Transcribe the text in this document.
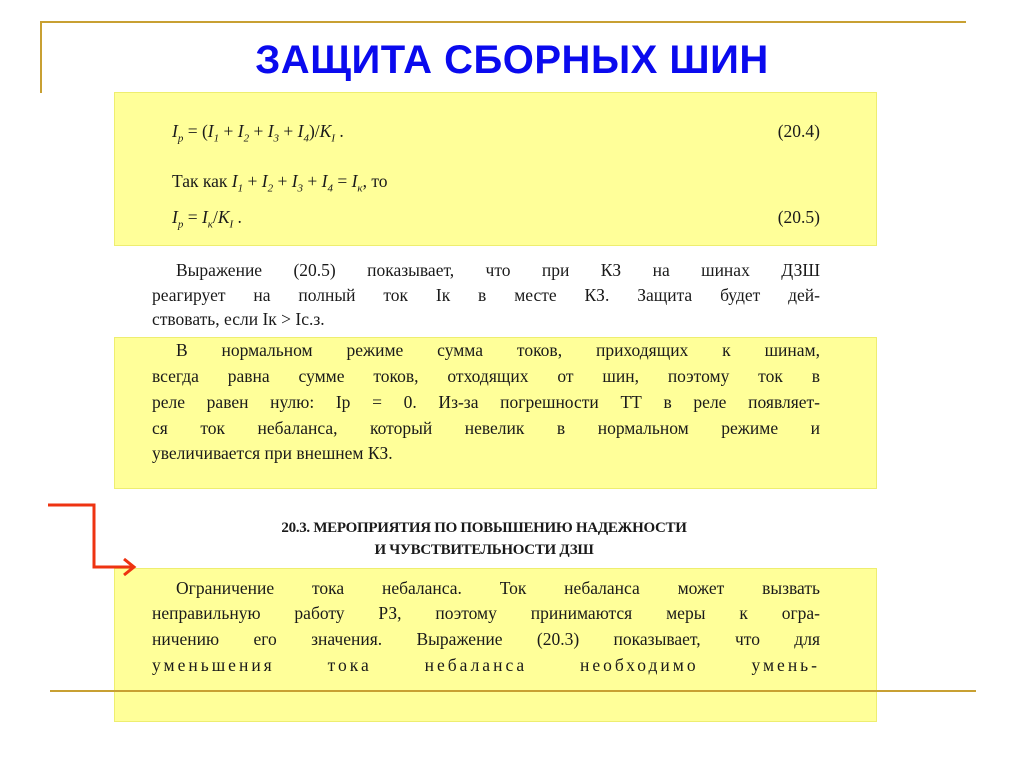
ЗАЩИТА СБОРНЫХ ШИН
$I_р = (I_1 + I_2 + I_3 + I_4)/K_I$ .	(20.4)
Так как $I_1 + I_2 + I_3 + I_4 = I_к$, то
$I_р = I_к/K_I$ .	(20.5)
Выражение (20.5) показывает, что при КЗ на шинах ДЗШ
реагирует на полный ток Iк в месте КЗ. Защита будет дей-
ствовать, если Iк > Iс.з.
В нормальном режиме сумма токов, приходящих к шинам,
всегда равна сумме токов, отходящих от шин, поэтому ток в
реле равен нулю: Iр = 0. Из-за погрешности ТТ в реле появляет-
ся ток небаланса, который невелик в нормальном режиме и
увеличивается при внешнем КЗ.
20.3. МЕРОПРИЯТИЯ ПО ПОВЫШЕНИЮ НАДЕЖНОСТИ
И ЧУВСТВИТЕЛЬНОСТИ ДЗШ
Ограничение тока небаланса. Ток небаланса может вызвать
неправильную работу РЗ, поэтому принимаются меры к огра-
ничению его значения. Выражение (20.3) показывает, что для
уменьшения тока небаланса необходимо умень-
